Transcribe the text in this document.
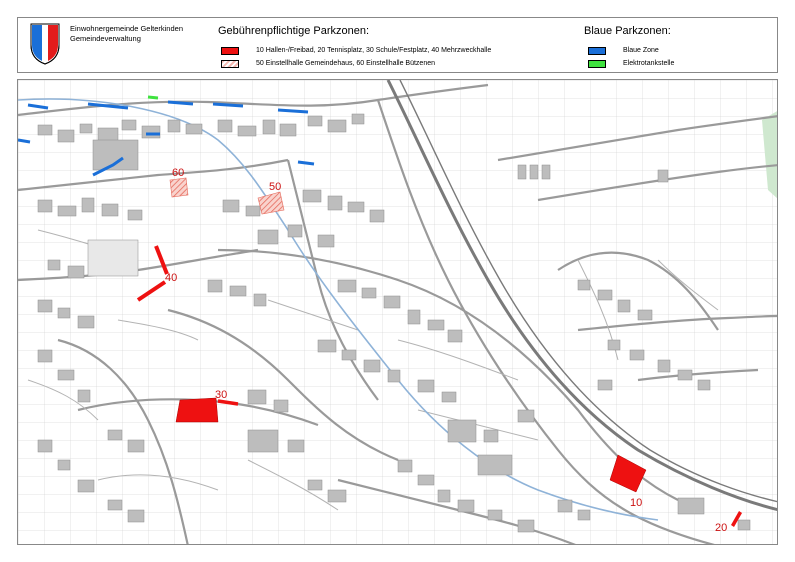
Einwohnergemeinde Gelterkinden
Gemeindeverwaltung
Gebührenpflichtige Parkzonen:
10 Hallen-/Freibad, 20 Tennisplatz, 30 Schule/Festplatz, 40 Mehrzweckhalle
50 Einstellhalle Gemeindehaus, 60 Einstellhalle Bützenen
Blaue Parkzonen:
Blaue Zone
Elektrotankstelle
10
20
30
40
50
60
